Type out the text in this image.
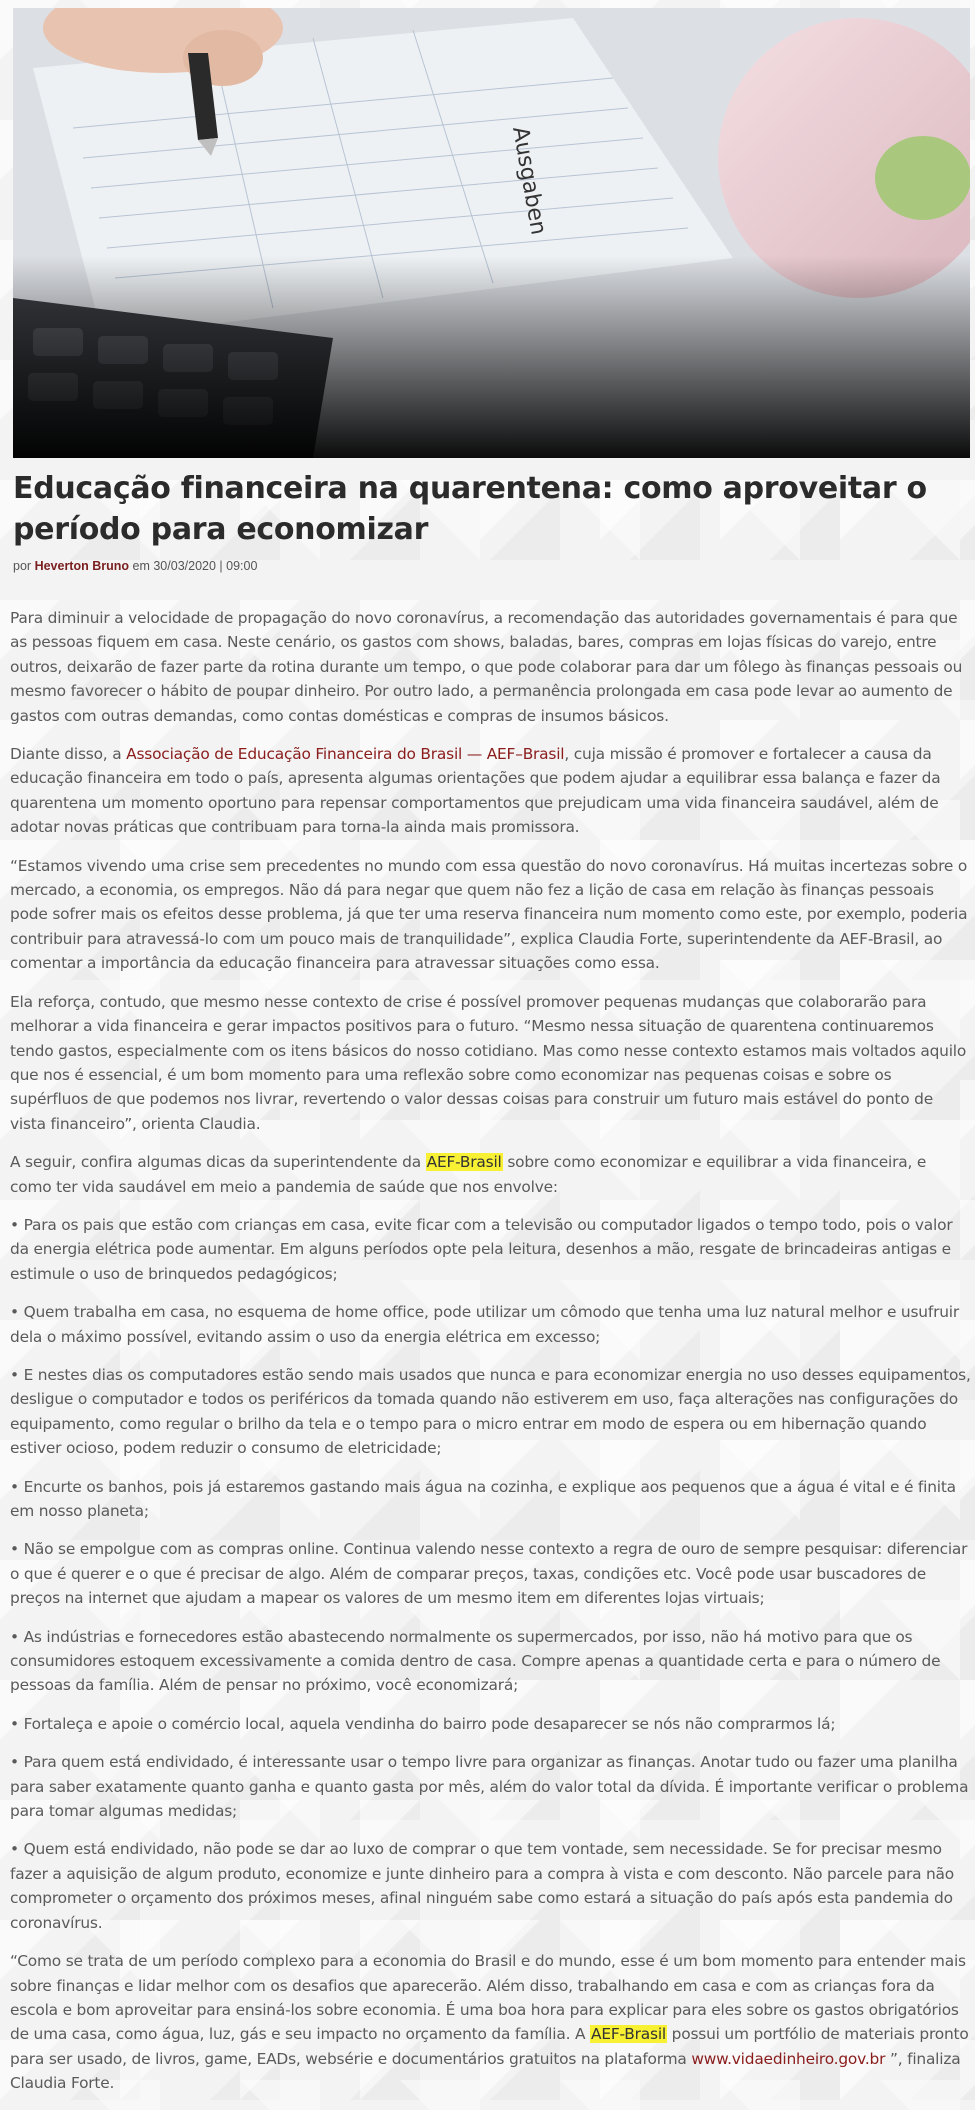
Educação financeira na quarentena: como aproveitar o período para economizar
por Heverton Bruno em 30/03/2020 | 09:00

Para diminuir a velocidade de propagação do novo coronavírus, a recomendação das autoridades governamentais é para que as pessoas fiquem em casa. Neste cenário, os gastos com shows, baladas, bares, compras em lojas físicas do varejo, entre outros, deixarão de fazer parte da rotina durante um tempo, o que pode colaborar para dar um fôlego às finanças pessoais ou mesmo favorecer o hábito de poupar dinheiro. Por outro lado, a permanência prolongada em casa pode levar ao aumento de gastos com outras demandas, como contas domésticas e compras de insumos básicos.

Diante disso, a Associação de Educação Financeira do Brasil — AEF–Brasil, cuja missão é promover e fortalecer a causa da educação financeira em todo o país, apresenta algumas orientações que podem ajudar a equilibrar essa balança e fazer da quarentena um momento oportuno para repensar comportamentos que prejudicam uma vida financeira saudável, além de adotar novas práticas que contribuam para torna-la ainda mais promissora.

“Estamos vivendo uma crise sem precedentes no mundo com essa questão do novo coronavírus. Há muitas incertezas sobre o mercado, a economia, os empregos. Não dá para negar que quem não fez a lição de casa em relação às finanças pessoais pode sofrer mais os efeitos desse problema, já que ter uma reserva financeira num momento como este, por exemplo, poderia contribuir para atravessá-lo com um pouco mais de tranquilidade”, explica Claudia Forte, superintendente da AEF-Brasil, ao comentar a importância da educação financeira para atravessar situações como essa.

Ela reforça, contudo, que mesmo nesse contexto de crise é possível promover pequenas mudanças que colaborarão para melhorar a vida financeira e gerar impactos positivos para o futuro. “Mesmo nessa situação de quarentena continuaremos tendo gastos, especialmente com os itens básicos do nosso cotidiano. Mas como nesse contexto estamos mais voltados aquilo que nos é essencial, é um bom momento para uma reflexão sobre como economizar nas pequenas coisas e sobre os supérfluos de que podemos nos livrar, revertendo o valor dessas coisas para construir um futuro mais estável do ponto de vista financeiro”, orienta Claudia.

A seguir, confira algumas dicas da superintendente da AEF-Brasil sobre como economizar e equilibrar a vida financeira, e como ter vida saudável em meio a pandemia de saúde que nos envolve:

• Para os pais que estão com crianças em casa, evite ficar com a televisão ou computador ligados o tempo todo, pois o valor da energia elétrica pode aumentar. Em alguns períodos opte pela leitura, desenhos a mão, resgate de brincadeiras antigas e estimule o uso de brinquedos pedagógicos;

• Quem trabalha em casa, no esquema de home office, pode utilizar um cômodo que tenha uma luz natural melhor e usufruir dela o máximo possível, evitando assim o uso da energia elétrica em excesso;

• E nestes dias os computadores estão sendo mais usados que nunca e para economizar energia no uso desses equipamentos, desligue o computador e todos os periféricos da tomada quando não estiverem em uso, faça alterações nas configurações do equipamento, como regular o brilho da tela e o tempo para o micro entrar em modo de espera ou em hibernação quando estiver ocioso, podem reduzir o consumo de eletricidade;

• Encurte os banhos, pois já estaremos gastando mais água na cozinha, e explique aos pequenos que a água é vital e é finita em nosso planeta;

• Não se empolgue com as compras online. Continua valendo nesse contexto a regra de ouro de sempre pesquisar: diferenciar o que é querer e o que é precisar de algo. Além de comparar preços, taxas, condições etc. Você pode usar buscadores de preços na internet que ajudam a mapear os valores de um mesmo item em diferentes lojas virtuais;

• As indústrias e fornecedores estão abastecendo normalmente os supermercados, por isso, não há motivo para que os consumidores estoquem excessivamente a comida dentro de casa. Compre apenas a quantidade certa e para o número de pessoas da família. Além de pensar no próximo, você economizará;

• Fortaleça e apoie o comércio local, aquela vendinha do bairro pode desaparecer se nós não comprarmos lá;

• Para quem está endividado, é interessante usar o tempo livre para organizar as finanças. Anotar tudo ou fazer uma planilha para saber exatamente quanto ganha e quanto gasta por mês, além do valor total da dívida. É importante verificar o problema para tomar algumas medidas;

• Quem está endividado, não pode se dar ao luxo de comprar o que tem vontade, sem necessidade. Se for precisar mesmo fazer a aquisição de algum produto, economize e junte dinheiro para a compra à vista e com desconto. Não parcele para não comprometer o orçamento dos próximos meses, afinal ninguém sabe como estará a situação do país após esta pandemia do coronavírus.

“Como se trata de um período complexo para a economia do Brasil e do mundo, esse é um bom momento para entender mais sobre finanças e lidar melhor com os desafios que aparecerão. Além disso, trabalhando em casa e com as crianças fora da escola e bom aproveitar para ensiná-los sobre economia. É uma boa hora para explicar para eles sobre os gastos obrigatórios de uma casa, como água, luz, gás e seu impacto no orçamento da família. A AEF-Brasil possui um portfólio de materiais pronto para ser usado, de livros, game, EADs, websérie e documentários gratuitos na plataforma www.vidaedinheiro.gov.br ”, finaliza Claudia Forte.
